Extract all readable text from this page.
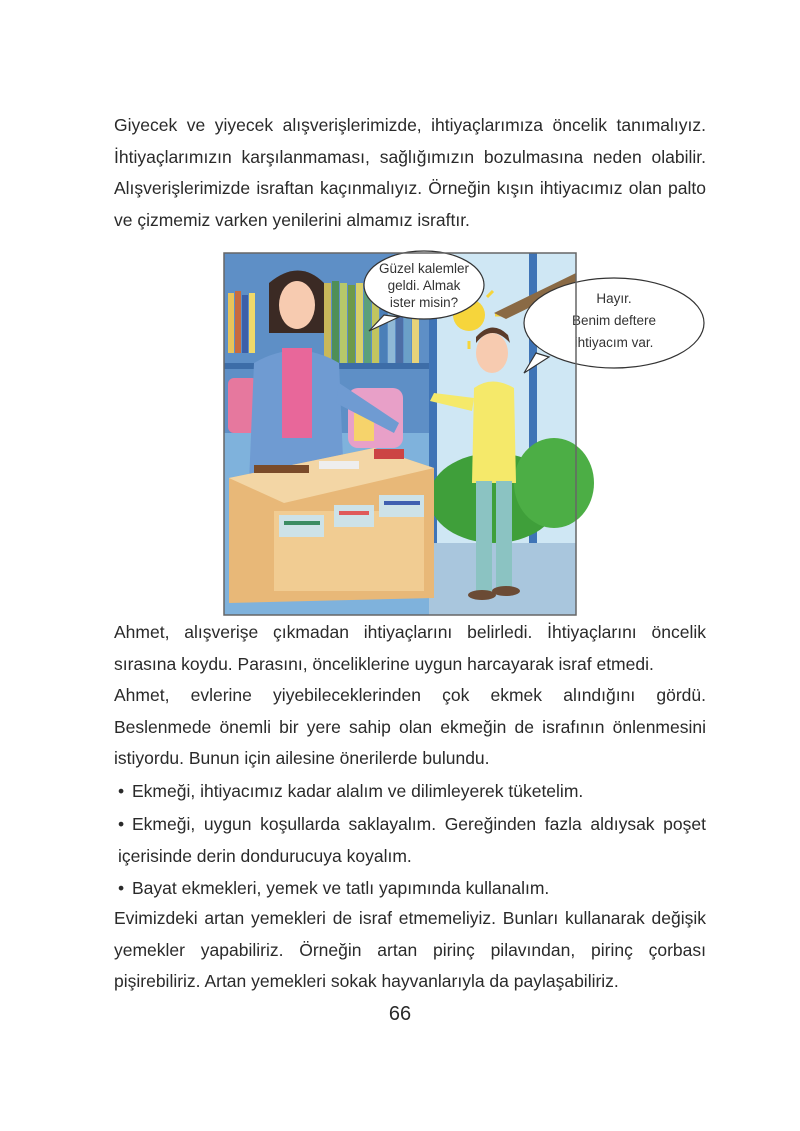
Giyecek ve yiyecek alışverişlerimizde, ihtiyaçlarımıza öncelik tanımalıyız. İhtiyaçlarımızın karşılanmaması, sağlığımızın bozulmasına neden olabilir. Alışverişlerimizde israftan kaçınmalıyız. Örneğin kışın ihtiyacımız olan palto ve çizmemiz varken yenilerini almamız israftır.

Güzel kalemler
geldi. Almak
ister misin?	Hayır.
Benim deftere
ihtiyacım var.

Ahmet, alışverişe çıkmadan ihtiyaçlarını belirledi. İhtiyaçlarını öncelik sırasına koydu. Parasını, önceliklerine uygun harcayarak israf etmedi.

Ahmet, evlerine yiyebileceklerinden çok ekmek alındığını gördü. Beslenmede önemli bir yere sahip olan ekmeğin de israfının önlenmesini istiyordu. Bunun için ailesine önerilerde bulundu.

• Ekmeği, ihtiyacımız kadar alalım ve dilimleyerek tüketelim.
• Ekmeği, uygun koşullarda saklayalım. Gereğinden fazla aldıysak poşet içerisinde derin dondurucuya koyalım.
• Bayat ekmekleri, yemek ve tatlı yapımında kullanalım.

Evimizdeki artan yemekleri de israf etmemeliyiz. Bunları kullanarak değişik yemekler yapabiliriz. Örneğin artan pirinç pilavından, pirinç çorbası pişirebiliriz. Artan yemekleri sokak hayvanlarıyla da paylaşabiliriz.

66
